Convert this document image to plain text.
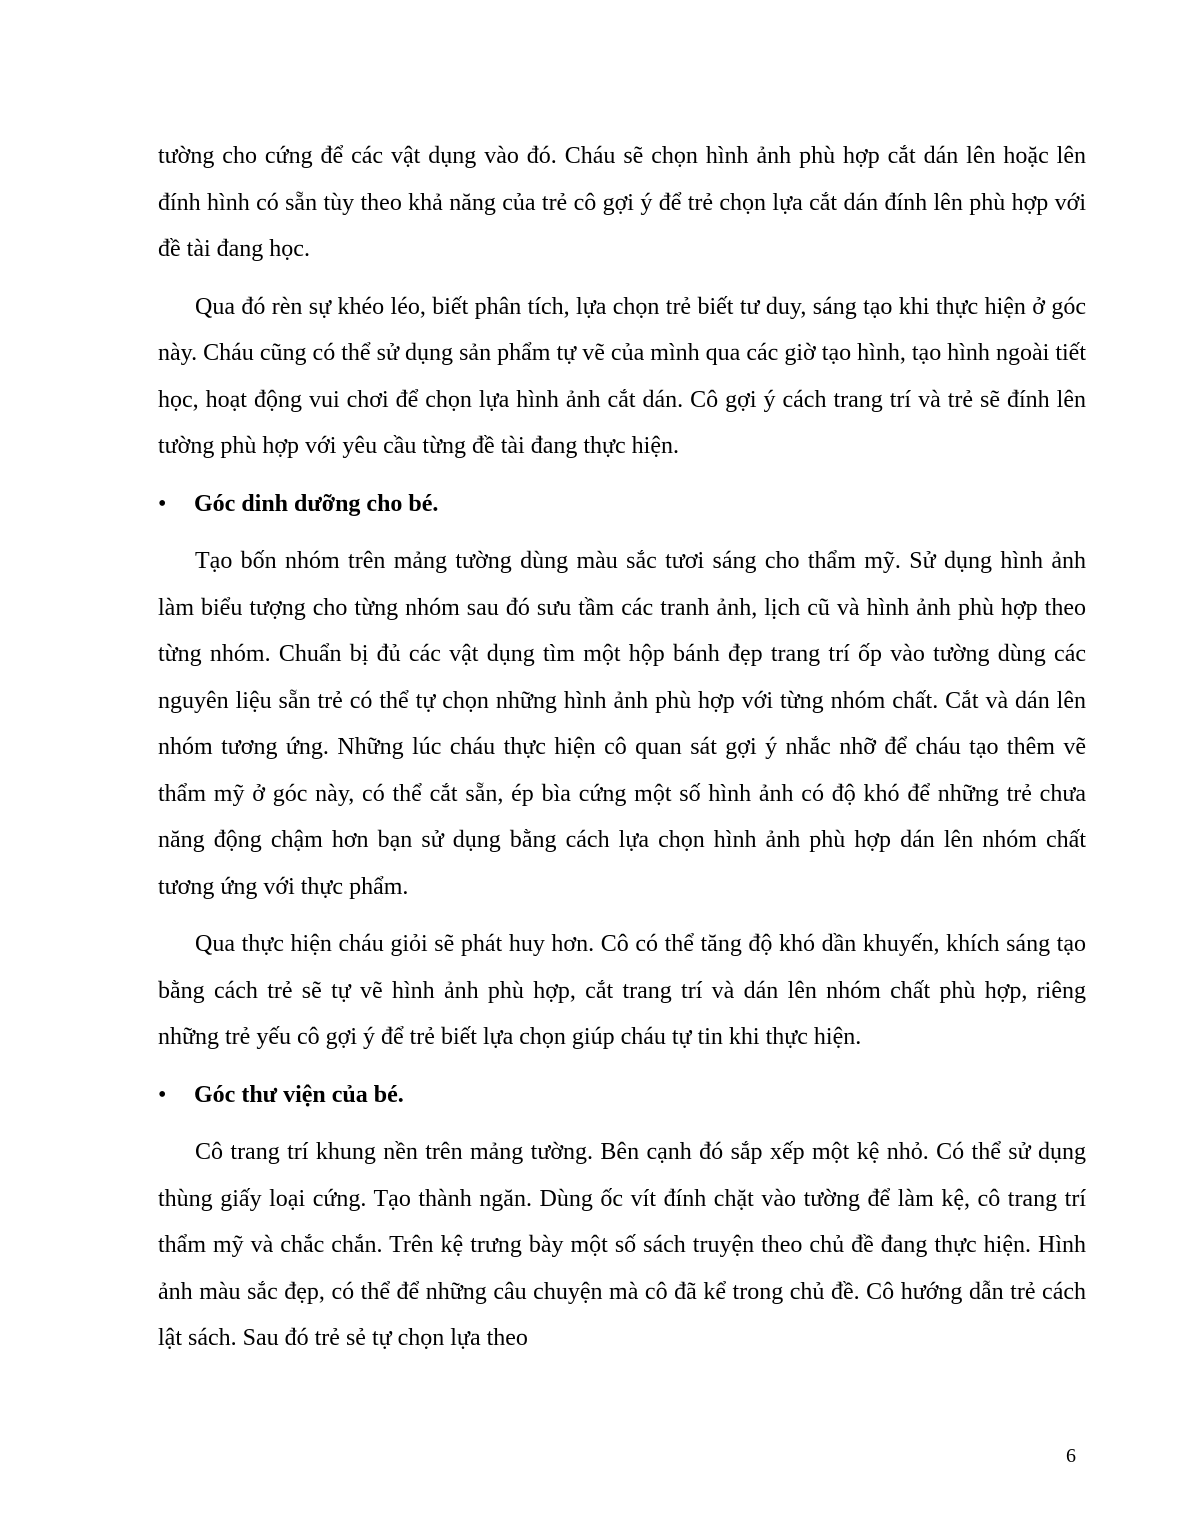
tường cho cứng để các vật dụng vào đó. Cháu sẽ chọn hình ảnh phù hợp cắt dán lên hoặc lên đính hình có sẵn tùy theo khả năng của trẻ cô gợi ý để trẻ chọn lựa cắt dán đính lên phù hợp với đề tài đang học.

Qua đó rèn sự khéo léo, biết phân tích, lựa chọn trẻ biết tư duy, sáng tạo khi thực hiện ở góc này. Cháu cũng có thể sử dụng sản phẩm tự vẽ của mình qua các giờ tạo hình, tạo hình ngoài tiết học, hoạt động vui chơi để chọn lựa hình ảnh cắt dán. Cô gợi ý cách trang trí và trẻ sẽ đính lên tường phù hợp với yêu cầu từng đề tài đang thực hiện.

• Góc dinh dưỡng cho bé.

Tạo bốn nhóm trên mảng tường dùng màu sắc tươi sáng cho thẩm mỹ. Sử dụng hình ảnh làm biểu tượng cho từng nhóm sau đó sưu tầm các tranh ảnh, lịch cũ và hình ảnh phù hợp theo từng nhóm. Chuẩn bị đủ các vật dụng tìm một hộp bánh đẹp trang trí ốp vào tường dùng các nguyên liệu sẵn trẻ có thể tự chọn những hình ảnh phù hợp với từng nhóm chất. Cắt và dán lên nhóm tương ứng. Những lúc cháu thực hiện cô quan sát gợi ý nhắc nhỡ để cháu tạo thêm vẽ thẩm mỹ ở góc này, có thể cắt sẵn, ép bìa cứng một số hình ảnh có độ khó để những trẻ chưa năng động chậm hơn bạn sử dụng bằng cách lựa chọn hình ảnh phù hợp dán lên nhóm chất tương ứng với thực phẩm.

Qua thực hiện cháu giỏi sẽ phát huy hơn. Cô có thể tăng độ khó dần khuyến, khích sáng tạo bằng cách trẻ sẽ tự vẽ hình ảnh phù hợp, cắt trang trí và dán lên nhóm chất phù hợp, riêng những trẻ yếu cô gợi ý để trẻ biết lựa chọn giúp cháu tự tin khi thực hiện.

• Góc thư viện của bé.

Cô trang trí khung nền trên mảng tường. Bên cạnh đó sắp xếp một kệ nhỏ. Có thể sử dụng thùng giấy loại cứng. Tạo thành ngăn. Dùng ốc vít đính chặt vào tường để làm kệ, cô trang trí thẩm mỹ và chắc chắn. Trên kệ trưng bày một số sách truyện theo chủ đề đang thực hiện. Hình ảnh màu sắc đẹp, có thể để những câu chuyện mà cô đã kể trong chủ đề. Cô hướng dẫn trẻ cách lật sách. Sau đó trẻ sẻ tự chọn lựa theo

6
